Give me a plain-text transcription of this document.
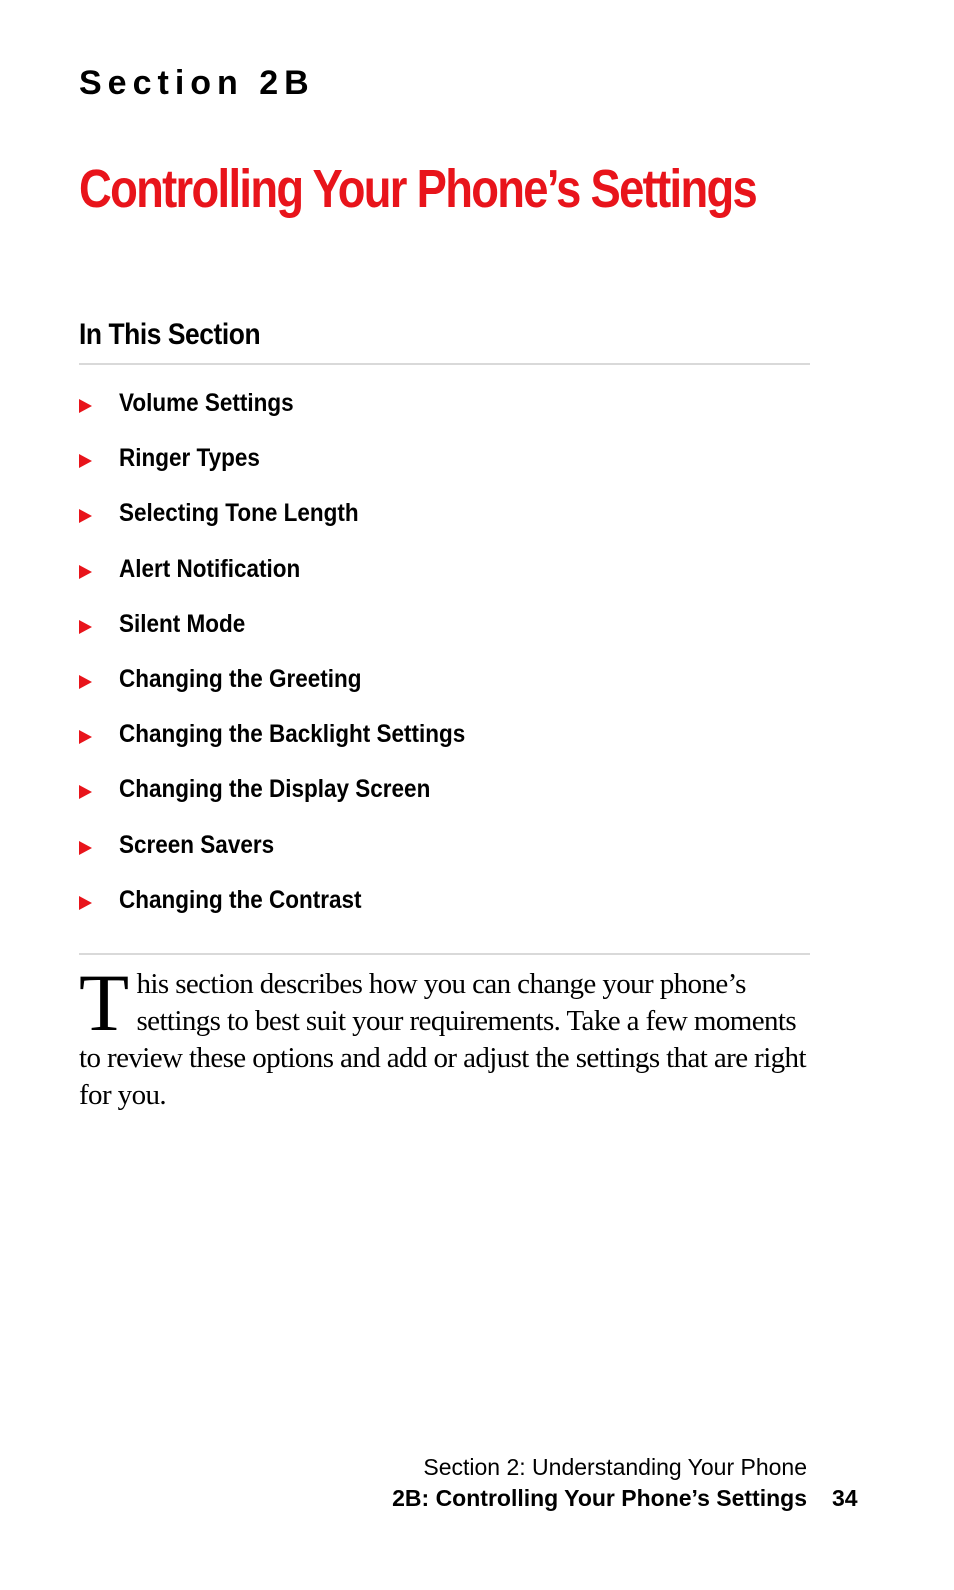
Section 2B
Controlling Your Phone’s Settings
In This Section
Volume Settings
Ringer Types
Selecting Tone Length
Alert Notification
Silent Mode
Changing the Greeting
Changing the Backlight Settings
Changing the Display Screen
Screen Savers
Changing the Contrast
This section describes how you can change your phone’s settings to best suit your requirements. Take a few moments to review these options and add or adjust the settings that are right for you.
Section 2: Understanding Your Phone
2B: Controlling Your Phone’s Settings 34
